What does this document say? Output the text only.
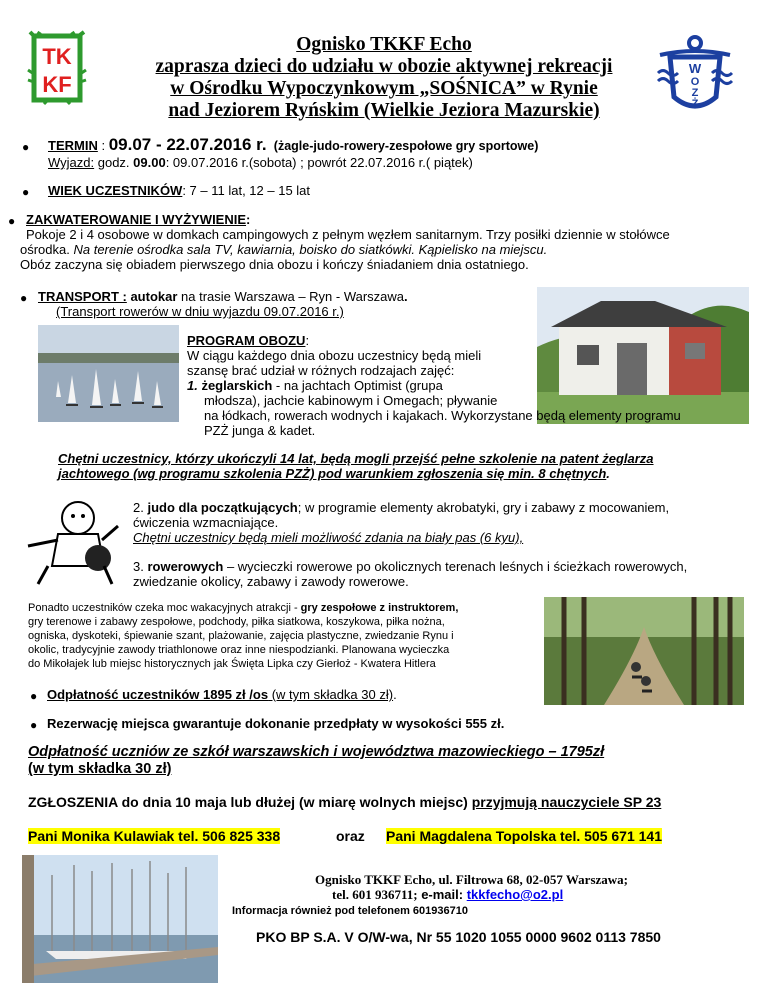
TK
KF
W
O
Z
Ż
Ognisko TKKF Echo
zaprasza dzieci do udziału w obozie aktywnej rekreacji
w Ośrodku Wypoczynkowym „SOŚNICA” w Rynie
nad Jeziorem Ryńskim (Wielkie Jeziora Mazurskie)
● TERMIN : 09.07 - 22.07.2016 r. (żagle-judo-rowery-zespołowe gry sportowe)
Wyjazd: godz. 09.00: 09.07.2016 r.(sobota) ; powrót 22.07.2016 r.( piątek)
● WIEK UCZESTNIKÓW: 7 – 11 lat, 12 – 15 lat
● ZAKWATEROWANIE I WYŻYWIENIE:
Pokoje 2 i 4 osobowe w domkach campingowych z pełnym węzłem sanitarnym. Trzy posiłki dziennie w stołówce
ośrodka. Na terenie ośrodka sala TV, kawiarnia, boisko do siatkówki. Kąpielisko na miejscu.
Obóz zaczyna się obiadem pierwszego dnia obozu i kończy śniadaniem dnia ostatniego.
● TRANSPORT : autokar na trasie Warszawa – Ryn - Warszawa.
(Transport rowerów w dniu wyjazdu 09.07.2016 r.)
PROGRAM OBOZU:
W ciągu każdego dnia obozu uczestnicy będą mieli
szansę brać udział w różnych rodzajach zajęć:
1. żeglarskich - na jachtach Optimist (grupa
młodsza), jachcie kabinowym i Omegach; pływanie
na łódkach, rowerach wodnych i kajakach. Wykorzystane będą elementy programu
PZŻ junga & kadet.
Chętni uczestnicy, którzy ukończyli 14 lat, będą mogli przejść pełne szkolenie na patent żeglarza
jachtowego (wg programu szkolenia PZŻ) pod warunkiem zgłoszenia się min. 8 chętnych.
2. judo dla początkujących; w programie elementy akrobatyki, gry i zabawy z mocowaniem,
ćwiczenia wzmacniające.
Chętni uczestnicy będą mieli możliwość zdania na biały pas (6 kyu),
3. rowerowych – wycieczki rowerowe po okolicznych terenach leśnych i ścieżkach rowerowych,
zwiedzanie okolicy, zabawy i zawody rowerowe.
Ponadto uczestników czeka moc wakacyjnych atrakcji - gry zespołowe z instruktorem,
gry terenowe i zabawy zespołowe, podchody, piłka siatkowa, koszykowa, piłka nożna,
ogniska, dyskoteki, śpiewanie szant, plażowanie, zajęcia plastyczne, zwiedzanie Rynu i
okolic, tradycyjnie zawody triathlonowe oraz inne niespodzianki. Planowana wycieczka
do Mikołajek lub miejsc historycznych jak Święta Lipka czy Gierłoż - Kwatera Hitlera
● Odpłatność uczestników 1895 zł /os (w tym składka 30 zł).
● Rezerwację miejsca gwarantuje dokonanie przedpłaty w wysokości 555 zł.
Odpłatność uczniów ze szkół warszawskich i województwa mazowieckiego – 1795zł
(w tym składka 30 zł)
ZGŁOSZENIA do dnia 10 maja lub dłużej (w miarę wolnych miejsc) przyjmują nauczyciele SP 23
Pani Monika Kulawiak tel. 506 825 338	oraz Pani Magdalena Topolska tel. 505 671 141
Ognisko TKKF Echo, ul. Filtrowa 68, 02-057 Warszawa;
tel. 601 936711; e-mail: tkkfecho@o2.pl
Informacja również pod telefonem 601936710
PKO BP S.A. V O/W-wa, Nr 55 1020 1055 0000 9602 0113 7850
